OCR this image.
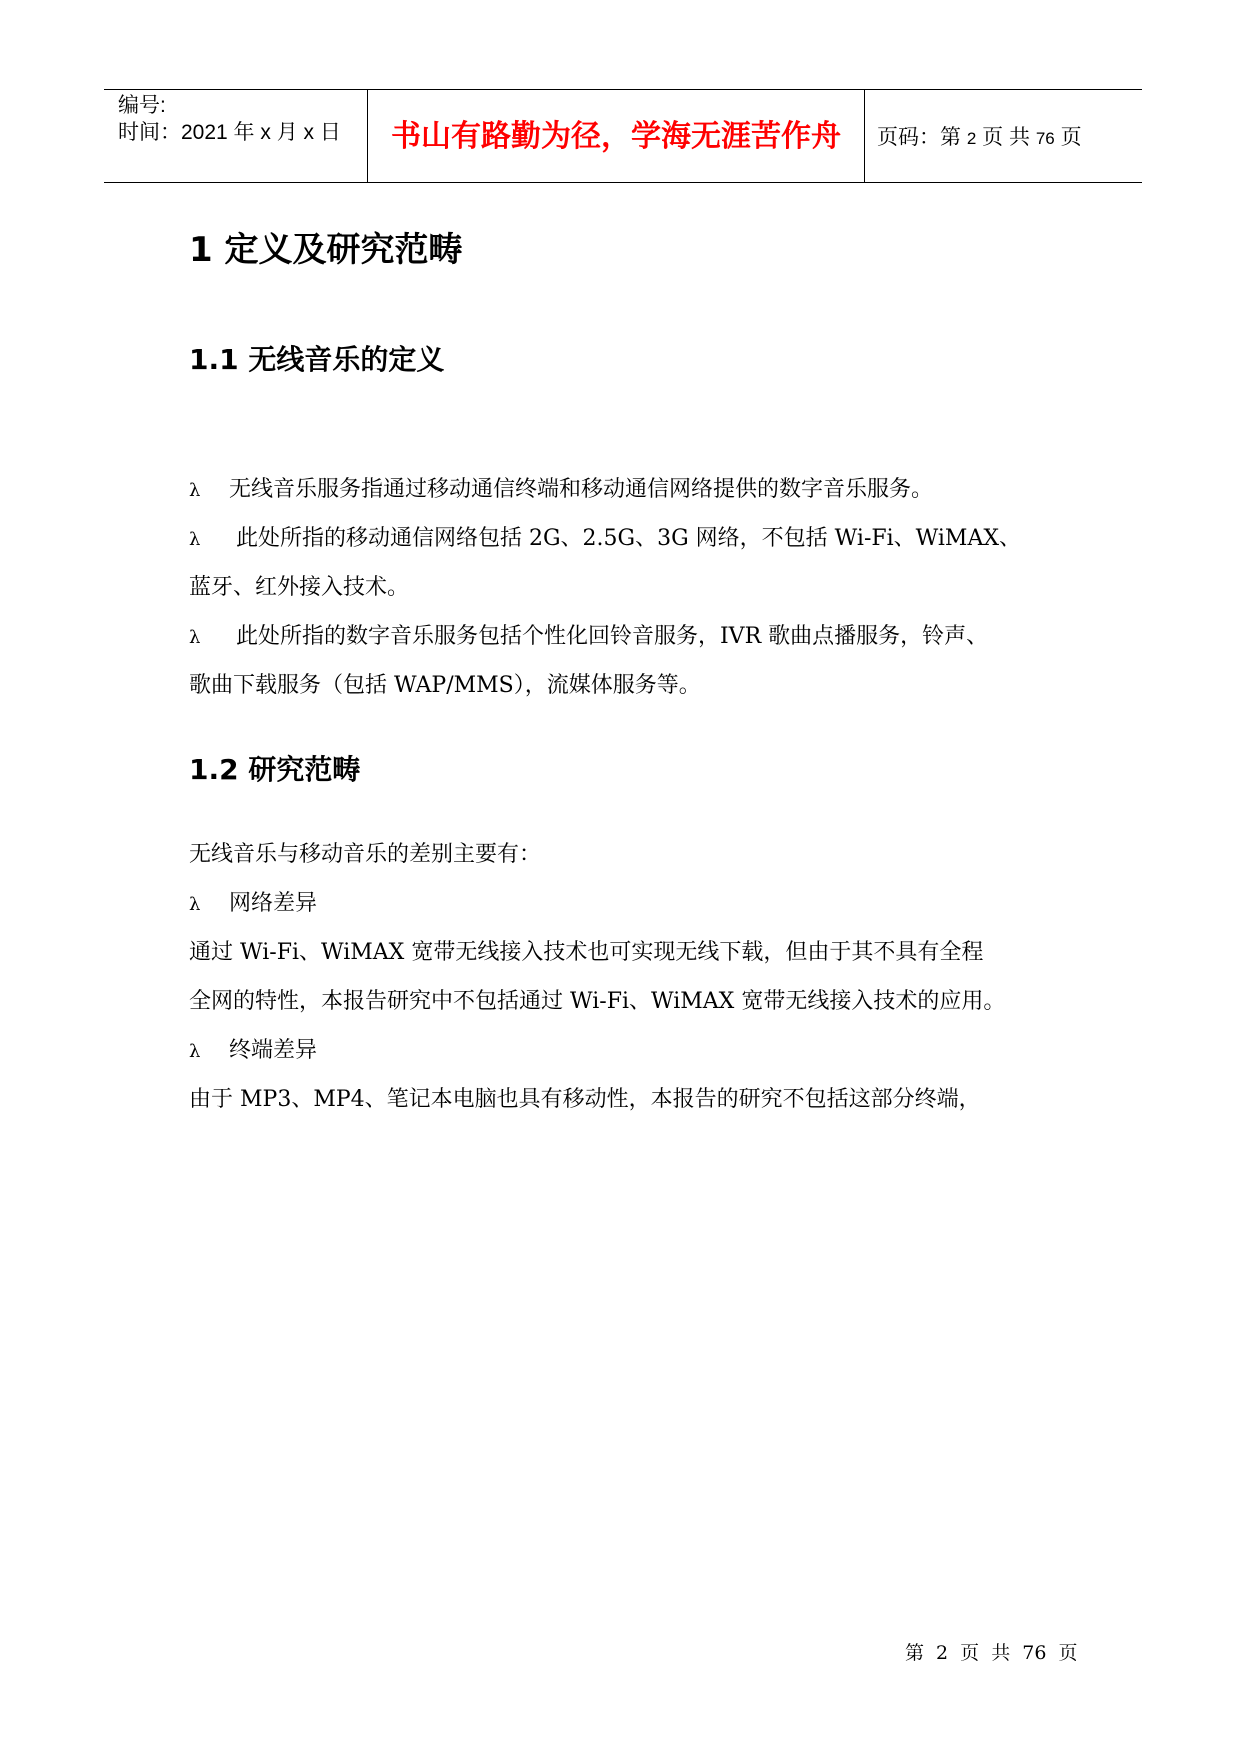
编号:
时间：2021 年 x 月 x 日	书山有路勤为径，学海无涯苦作舟	页码：第 2 页 共 76 页
1 定义及研究范畴
1.1 无线音乐的定义
λ 无线音乐服务指通过移动通信终端和移动通信网络提供的数字音乐服务。
λ 此处所指的移动通信网络包括 2G、2.5G、3G 网络，不包括 Wi-Fi、WiMAX、
蓝牙、红外接入技术。
λ 此处所指的数字音乐服务包括个性化回铃音服务，IVR 歌曲点播服务，铃声、
歌曲下载服务（包括 WAP/MMS），流媒体服务等。
1.2 研究范畴
无线音乐与移动音乐的差别主要有：
λ 网络差异
通过 Wi-Fi、WiMAX 宽带无线接入技术也可实现无线下载，但由于其不具有全程
全网的特性，本报告研究中不包括通过 Wi-Fi、WiMAX 宽带无线接入技术的应用。
λ 终端差异
由于 MP3、MP4、笔记本电脑也具有移动性，本报告的研究不包括这部分终端，
第 2 页 共 76 页
